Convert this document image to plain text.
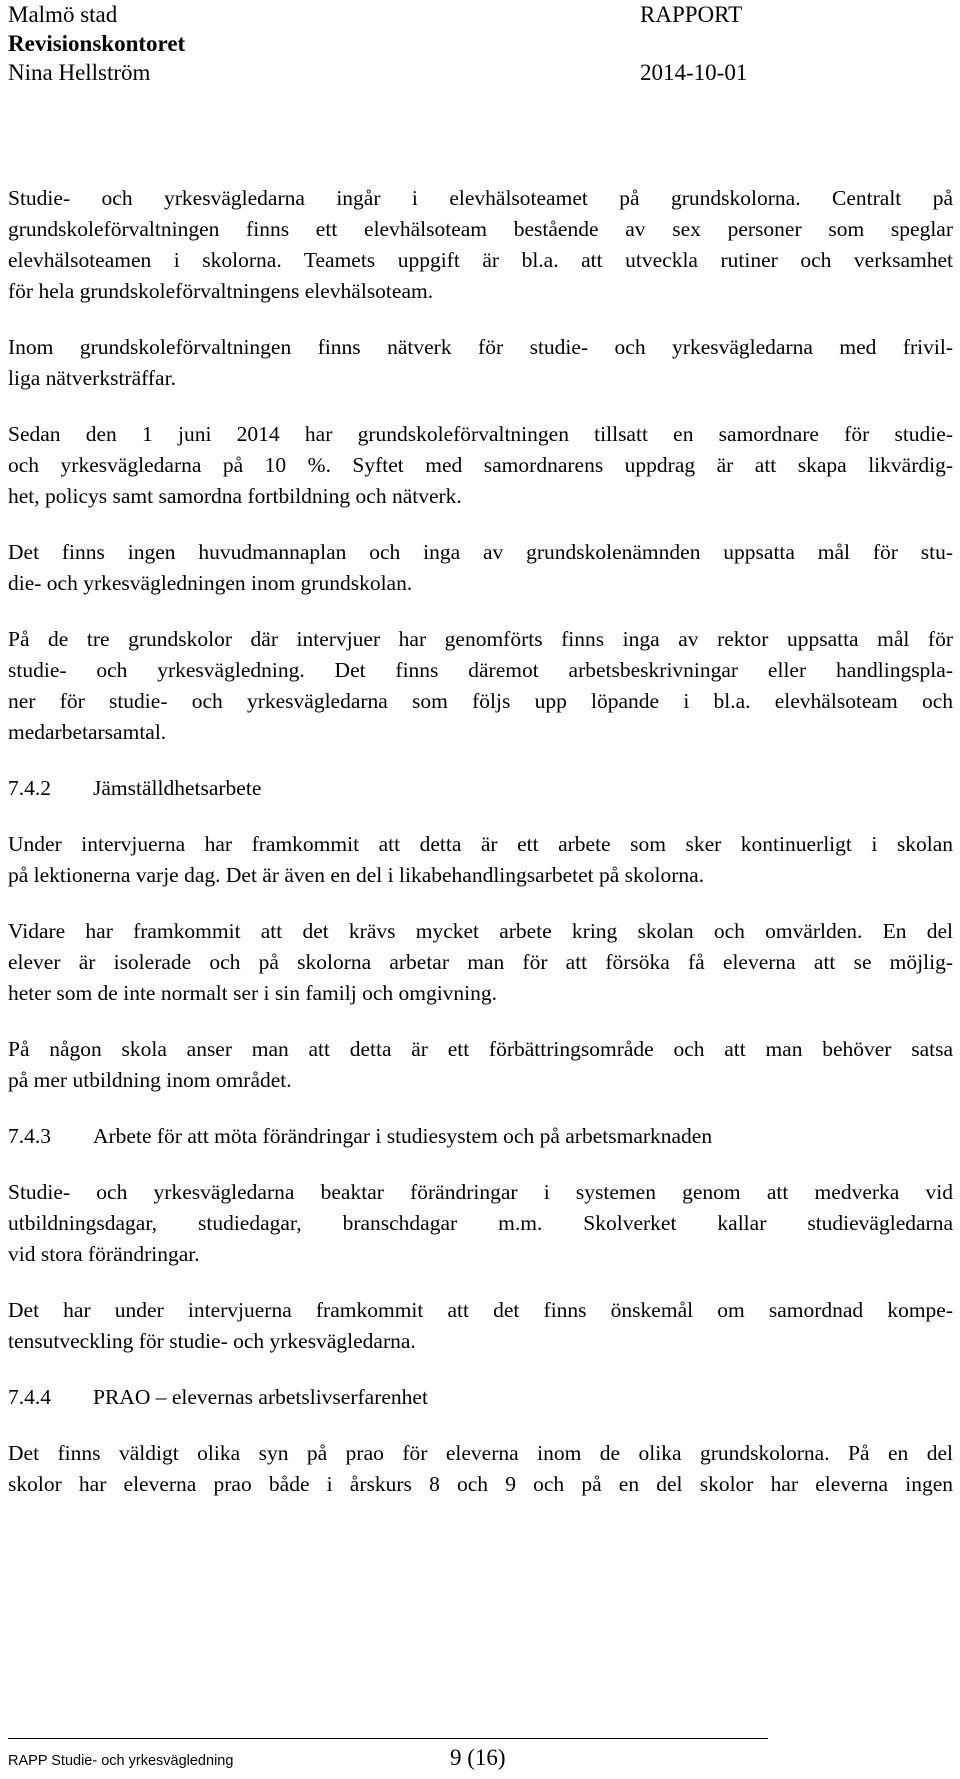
Malmö stad
Revisionskontoret
Nina Hellström
RAPPORT
2014-10-01

Studie- och yrkesvägledarna ingår i elevhälsoteamet på grundskolorna. Centralt på
grundskoleförvaltningen finns ett elevhälsoteam bestående av sex personer som speglar
elevhälsoteamen i skolorna. Teamets uppgift är bl.a. att utveckla rutiner och verksamhet
för hela grundskoleförvaltningens elevhälsoteam.

Inom grundskoleförvaltningen finns nätverk för studie- och yrkesvägledarna med frivil-
liga nätverksträffar.

Sedan den 1 juni 2014 har grundskoleförvaltningen tillsatt en samordnare för studie-
och yrkesvägledarna på 10 %. Syftet med samordnarens uppdrag är att skapa likvärdig-
het, policys samt samordna fortbildning och nätverk.

Det finns ingen huvudmannaplan och inga av grundskolenämnden uppsatta mål för stu-
die- och yrkesvägledningen inom grundskolan.

På de tre grundskolor där intervjuer har genomförts finns inga av rektor uppsatta mål för
studie- och yrkesvägledning. Det finns däremot arbetsbeskrivningar eller handlingspla-
ner för studie- och yrkesvägledarna som följs upp löpande i bl.a. elevhälsoteam och
medarbetarsamtal.

7.4.2 Jämställdhetsarbete

Under intervjuerna har framkommit att detta är ett arbete som sker kontinuerligt i skolan
på lektionerna varje dag. Det är även en del i likabehandlingsarbetet på skolorna.

Vidare har framkommit att det krävs mycket arbete kring skolan och omvärlden. En del
elever är isolerade och på skolorna arbetar man för att försöka få eleverna att se möjlig-
heter som de inte normalt ser i sin familj och omgivning.

På någon skola anser man att detta är ett förbättringsområde och att man behöver satsa
på mer utbildning inom området.

7.4.3 Arbete för att möta förändringar i studiesystem och på arbetsmarknaden

Studie- och yrkesvägledarna beaktar förändringar i systemen genom att medverka vid
utbildningsdagar, studiedagar, branschdagar m.m. Skolverket kallar studievägledarna
vid stora förändringar.

Det har under intervjuerna framkommit att det finns önskemål om samordnad kompe-
tensutveckling för studie- och yrkesvägledarna.

7.4.4 PRAO – elevernas arbetslivserfarenhet

Det finns väldigt olika syn på prao för eleverna inom de olika grundskolorna. På en del
skolor har eleverna prao både i årskurs 8 och 9 och på en del skolor har eleverna ingen

RAPP Studie- och yrkesvägledning	9 (16)
